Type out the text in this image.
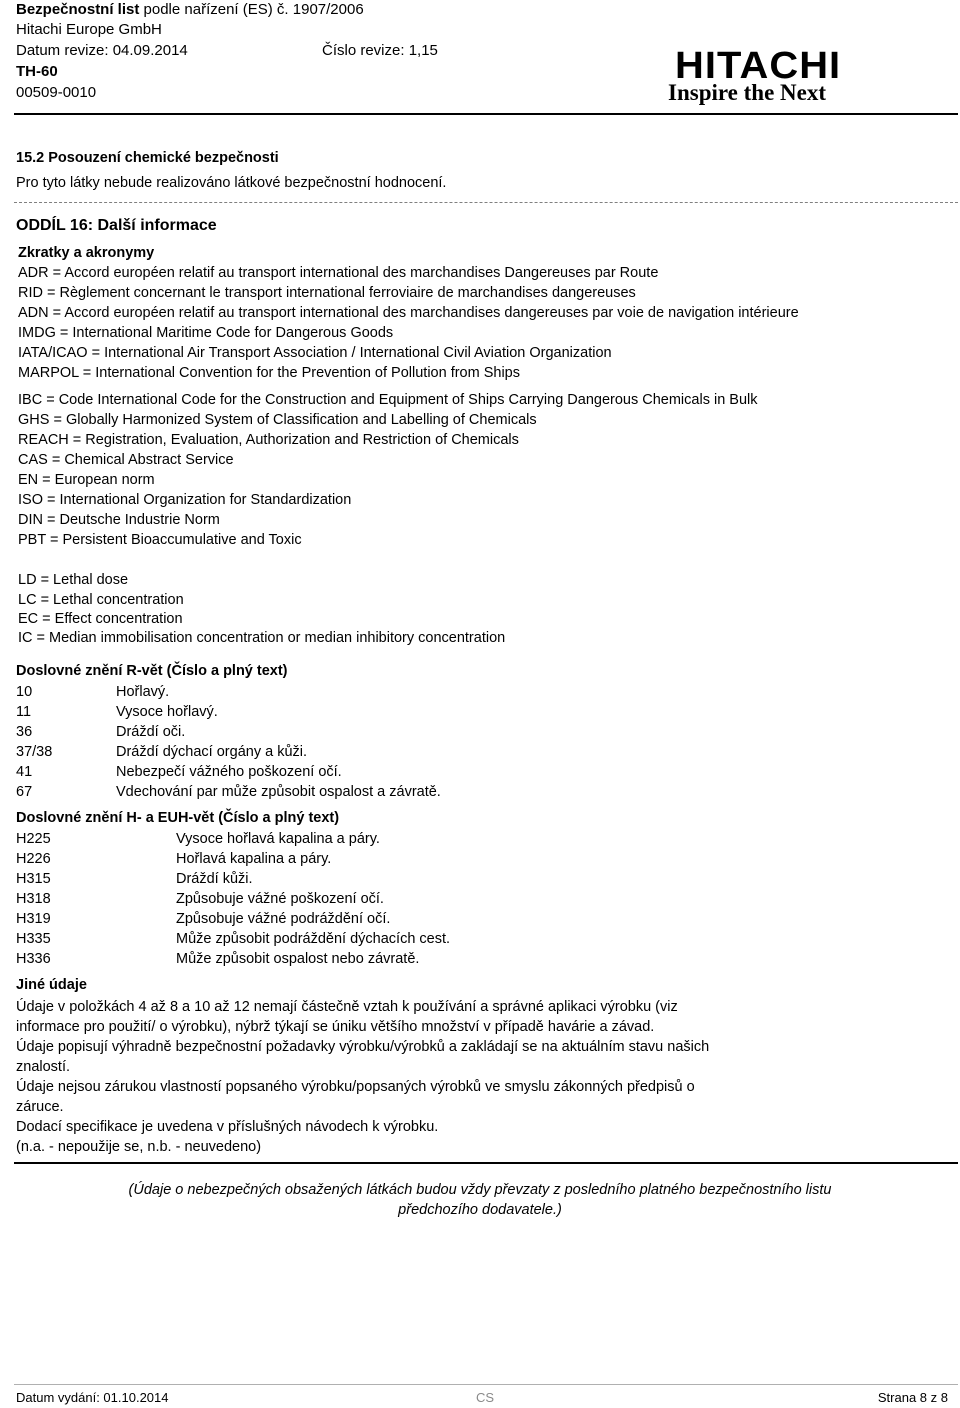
Bezpečnostní list podle nařízení (ES) č. 1907/2006
Hitachi Europe GmbH
Datum revize: 04.09.2014	Číslo revize: 1,15
TH-60
00509-0010
HITACHI
Inspire the Next
15.2 Posouzení chemické bezpečnosti
Pro tyto látky nebude realizováno látkové bezpečnostní hodnocení.
ODDÍL 16: Další informace
Zkratky a akronymy
ADR = Accord européen relatif au transport international des marchandises Dangereuses par Route
RID = Règlement concernant le transport international ferroviaire de marchandises dangereuses
ADN = Accord européen relatif au transport international des marchandises dangereuses par voie de navigation intérieure
IMDG = International Maritime Code for Dangerous Goods
IATA/ICAO = International Air Transport Association / International Civil Aviation Organization
MARPOL = International Convention for the Prevention of Pollution from Ships
IBC = Code International Code for the Construction and Equipment of Ships Carrying Dangerous Chemicals in Bulk
GHS = Globally Harmonized System of Classification and Labelling of Chemicals
REACH = Registration, Evaluation, Authorization and Restriction of Chemicals
CAS = Chemical Abstract Service
EN = European norm
ISO = International Organization for Standardization
DIN = Deutsche Industrie Norm
PBT = Persistent Bioaccumulative and Toxic
LD = Lethal dose
LC = Lethal concentration
EC = Effect concentration
IC = Median immobilisation concentration or median inhibitory concentration
Doslovné znění R-vět (Číslo a plný text)
10	Hořlavý.
11	Vysoce hořlavý.
36	Dráždí oči.
37/38	Dráždí dýchací orgány a kůži.
41	Nebezpečí vážného poškození očí.
67	Vdechování par může způsobit ospalost a závratě.
Doslovné znění H- a EUH-vět (Číslo a plný text)
H225	Vysoce hořlavá kapalina a páry.
H226	Hořlavá kapalina a páry.
H315	Dráždí kůži.
H318	Způsobuje vážné poškození očí.
H319	Způsobuje vážné podráždění očí.
H335	Může způsobit podráždění dýchacích cest.
H336	Může způsobit ospalost nebo závratě.
Jiné údaje
Údaje v položkách 4 až 8 a 10 až 12 nemají částečně vztah k používání a správné aplikaci výrobku (viz
informace pro použití/ o výrobku), nýbrž týkají se úniku většího množství v případě havárie a závad.
Údaje popisují výhradně bezpečnostní požadavky výrobku/výrobků a zakládají se na aktuálním stavu našich
znalostí.
Údaje nejsou zárukou vlastností popsaného výrobku/popsaných výrobků ve smyslu zákonných předpisů o
záruce.
Dodací specifikace je uvedena v příslušných návodech k výrobku.
(n.a. - nepoužije se, n.b. - neuvedeno)
(Údaje o nebezpečných obsažených látkách budou vždy převzaty z posledního platného bezpečnostního listu
předchozího dodavatele.)
Datum vydání: 01.10.2014	CS	Strana 8 z 8
